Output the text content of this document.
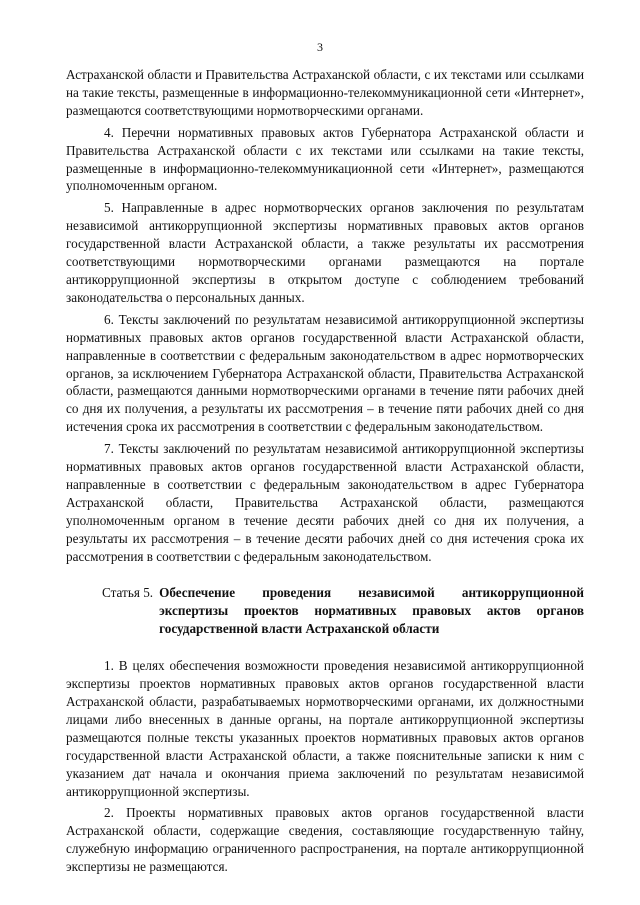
3

Астраханской области и Правительства Астраханской области, с их текстами или ссылками на такие тексты, размещенные в информационно-телекоммуникационной сети «Интернет», размещаются соответствующими нормотворческими органами.

4. Перечни нормативных правовых актов Губернатора Астраханской области и Правительства Астраханской области с их текстами или ссылками на такие тексты, размещенные в информационно-телекоммуникационной сети «Интернет», размещаются уполномоченным органом.

5. Направленные в адрес нормотворческих органов заключения по результатам независимой антикоррупционной экспертизы нормативных правовых актов органов государственной власти Астраханской области, а также результаты их рассмотрения соответствующими нормотворческими органами размещаются на портале антикоррупционной экспертизы в открытом доступе с соблюдением требований законодательства о персональных данных.

6. Тексты заключений по результатам независимой антикоррупционной экспертизы нормативных правовых актов органов государственной власти Астраханской области, направленные в соответствии с федеральным законодательством в адрес нормотворческих органов, за исключением Губернатора Астраханской области, Правительства Астраханской области, размещаются данными нормотворческими органами в течение пяти рабочих дней со дня их получения, а результаты их рассмотрения – в течение пяти рабочих дней со дня истечения срока их рассмотрения в соответствии с федеральным законодательством.

7. Тексты заключений по результатам независимой антикоррупционной экспертизы нормативных правовых актов органов государственной власти Астраханской области, направленные в соответствии с федеральным законодательством в адрес Губернатора Астраханской области, Правительства Астраханской области, размещаются уполномоченным органом в течение десяти рабочих дней со дня их получения, а результаты их рассмотрения – в течение десяти рабочих дней со дня истечения срока их рассмотрения в соответствии с федеральным законодательством.

Статья 5. Обеспечение проведения независимой антикоррупционной экспертизы проектов нормативных правовых актов органов государственной власти Астраханской области

1. В целях обеспечения возможности проведения независимой антикоррупционной экспертизы проектов нормативных правовых актов органов государственной власти Астраханской области, разрабатываемых нормотворческими органами, их должностными лицами либо внесенных в данные органы, на портале антикоррупционной экспертизы размещаются полные тексты указанных проектов нормативных правовых актов органов государственной власти Астраханской области, а также пояснительные записки к ним с указанием дат начала и окончания приема заключений по результатам независимой антикоррупционной экспертизы.

2. Проекты нормативных правовых актов органов государственной власти Астраханской области, содержащие сведения, составляющие государственную тайну, служебную информацию ограниченного распространения, на портале антикоррупционной экспертизы не размещаются.
